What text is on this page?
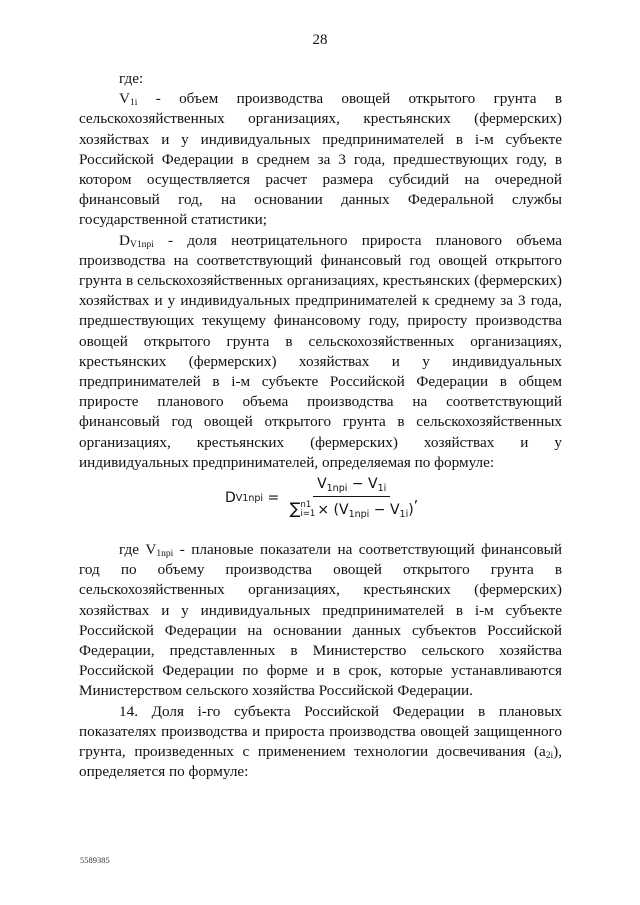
28

где:

$V_{1i}$ - объем производства овощей открытого грунта в сельскохозяйственных организациях, крестьянских (фермерских) хозяйствах и у индивидуальных предпринимателей в i-м субъекте Российской Федерации в среднем за 3 года, предшествующих году, в котором осуществляется расчет размера субсидий на очередной финансовый год, на основании данных Федеральной службы государственной статистики;

$D_{V1npi}$ - доля неотрицательного прироста планового объема производства на соответствующий финансовый год овощей открытого грунта в сельскохозяйственных организациях, крестьянских (фермерских) хозяйствах и у индивидуальных предпринимателей к среднему за 3 года, предшествующих текущему финансовому году, приросту производства овощей открытого грунта в сельскохозяйственных организациях, крестьянских (фермерских) хозяйствах и у индивидуальных предпринимателей в i-м субъекте Российской Федерации в общем приросте планового объема производства на соответствующий финансовый год овощей открытого грунта в сельскохозяйственных организациях, крестьянских (фермерских) хозяйствах и у индивидуальных предпринимателей, определяемая по формуле:

D $V1npi = V_{1npi} - V_{1i}$
∑ n1
$i=1 \times (V_{1npi} - V_{1i})$ ,

где $V_{1npi}$ - плановые показатели на соответствующий финансовый год по объему производства овощей открытого грунта в сельскохозяйственных организациях, крестьянских (фермерских) хозяйствах и у индивидуальных предпринимателей в i-м субъекте Российской Федерации на основании данных субъектов Российской Федерации, представленных в Министерство сельского хозяйства Российской Федерации по форме и в срок, которые устанавливаются Министерством сельского хозяйства Российской Федерации.

14. Доля i-го субъекта Российской Федерации в плановых показателях производства и прироста производства овощей защищенного грунта, произведенных с применением технологии досвечивания $(a_{2i})$, определяется по формуле:

5589385
